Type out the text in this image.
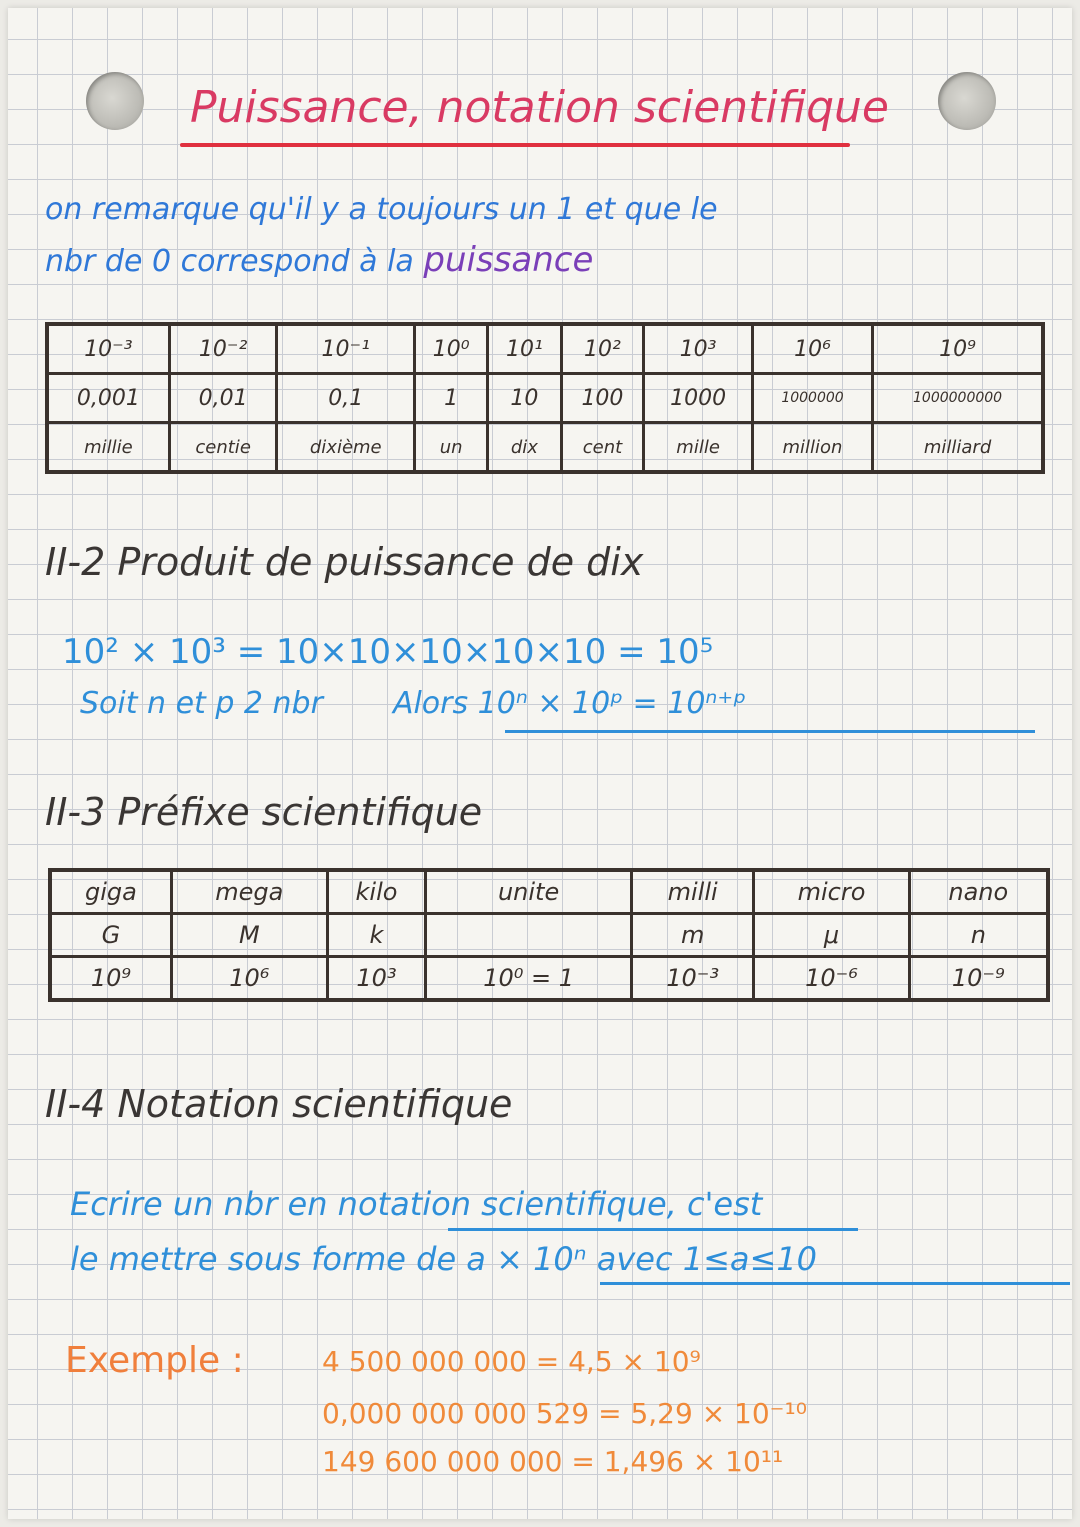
Puissance, notation scientifique
on remarque qu'il y a toujours un 1 et que le
nbr de 0 correspond à la puissance
10⁻³	10⁻²	10⁻¹	10⁰	10¹	10²	10³	10⁶	10⁹
0,001	0,01	0,1	1	10	100	1000	1000000	1000000000
millie	centie	dixième	un	dix	cent	mille	million	milliard
II-2 Produit de puissance de dix
10² × 10³ = 10×10×10×10×10 = 10⁵
Soit n et p 2 nbr Alors 10ⁿ × 10ᵖ = 10ⁿ⁺ᵖ
II-3 Préfixe scientifique
giga	mega	kilo	unite	milli	micro	nano
G	M	k		m	μ	n
10⁹	10⁶	10³	10⁰ = 1	10⁻³	10⁻⁶	10⁻⁹
II-4 Notation scientifique
Ecrire un nbr en notation scientifique, c'est
le mettre sous forme de a × 10ⁿ avec 1≤a≤10
Exemple :	4 500 000 000 = 4,5 × 10⁹
0,000 000 000 529 = 5,29 × 10⁻¹⁰
149 600 000 000 = 1,496 × 10¹¹
